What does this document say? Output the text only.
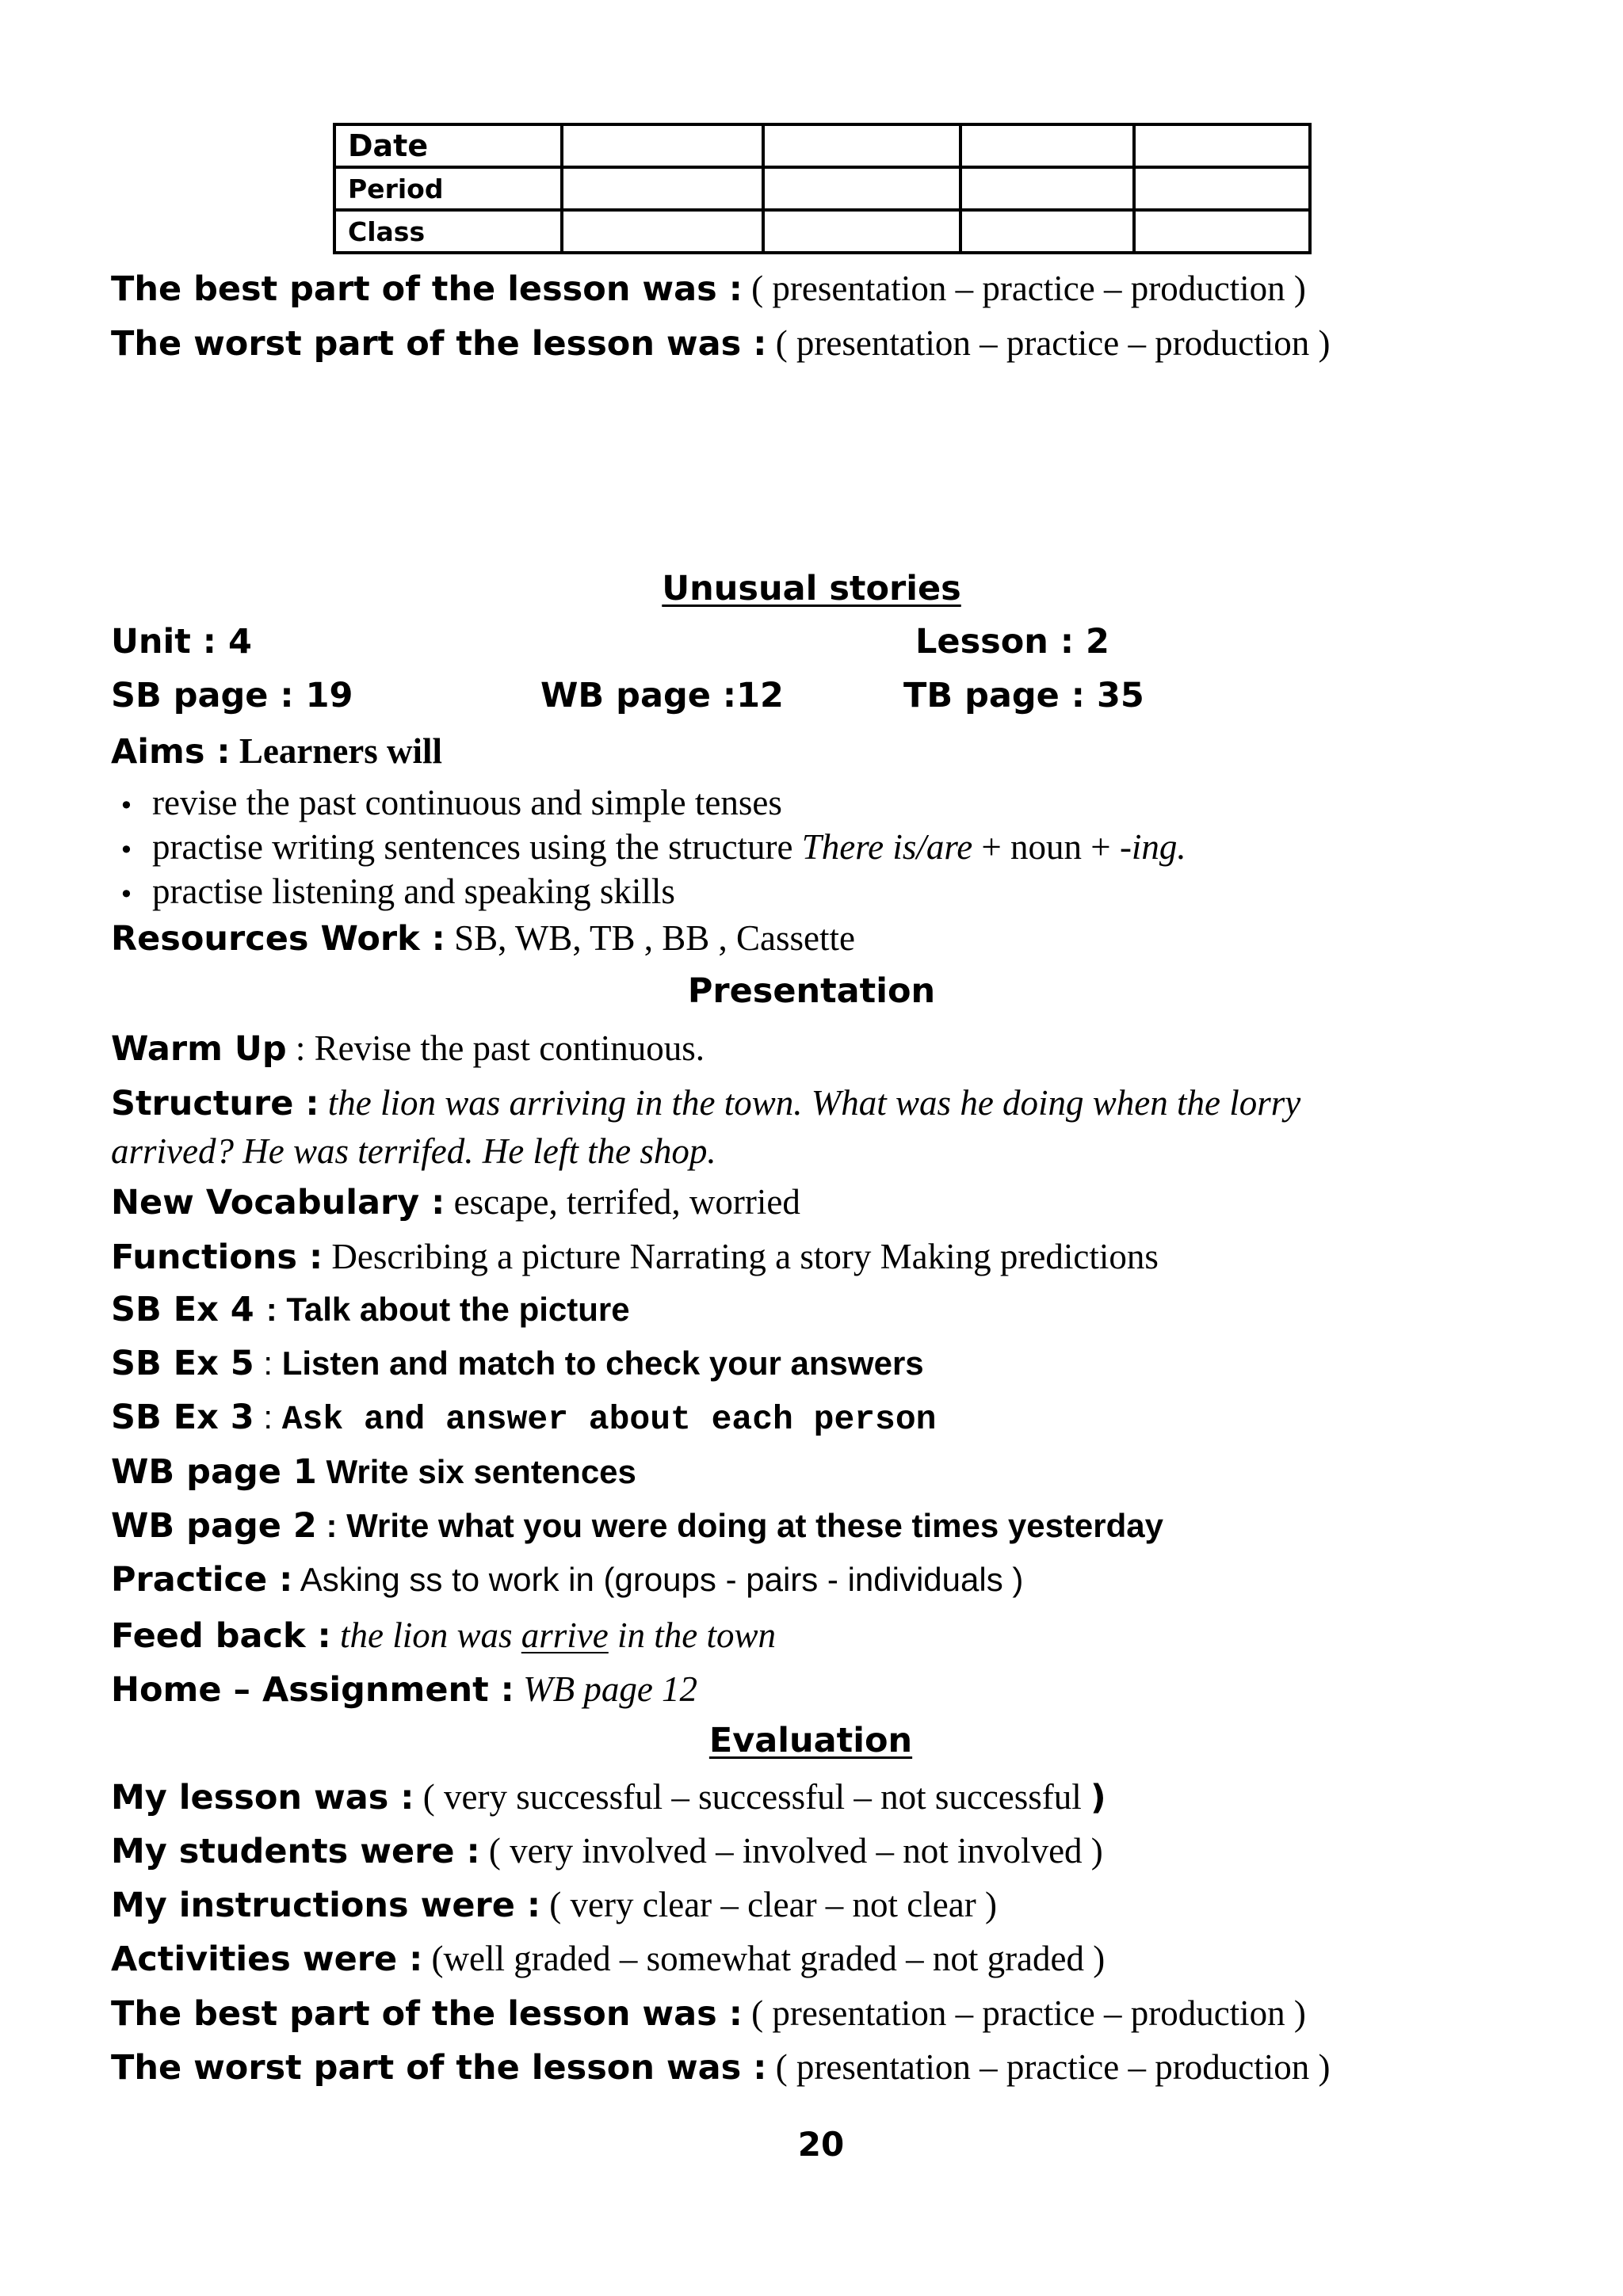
Date				
Period				
Class				
The best part of the lesson was : ( presentation – practice – production )
The worst part of the lesson was : ( presentation – practice – production )
Unusual stories
Unit : 4	Lesson : 2
SB page : 19	WB page :12	TB page : 35
Aims : Learners will
• revise the past continuous and simple tenses
• practise writing sentences using the structure There is/are + noun + -ing.
• practise listening and speaking skills
Resources Work : SB, WB, TB , BB , Cassette
Presentation
Warm Up : Revise the past continuous.
Structure : the lion was arriving in the town. What was he doing when the lorry
arrived? He was terrifed. He left the shop.
New Vocabulary : escape, terrifed, worried
Functions : Describing a picture Narrating a story Making predictions
SB Ex 4 : Talk about the picture
SB Ex 5 : Listen and match to check your answers
SB Ex 3 : Ask and answer about each person
WB page 1 Write six sentences
WB page 2 : Write what you were doing at these times yesterday
Practice : Asking ss to work in (groups - pairs - individuals )
Feed back : the lion was arrive in the town
Home – Assignment : WB page 12
Evaluation
My lesson was : ( very successful – successful – not successful )
My students were : ( very involved – involved – not involved )
My instructions were : ( very clear – clear – not clear )
Activities were : (well graded – somewhat graded – not graded )
The best part of the lesson was : ( presentation – practice – production )
The worst part of the lesson was : ( presentation – practice – production )
20
